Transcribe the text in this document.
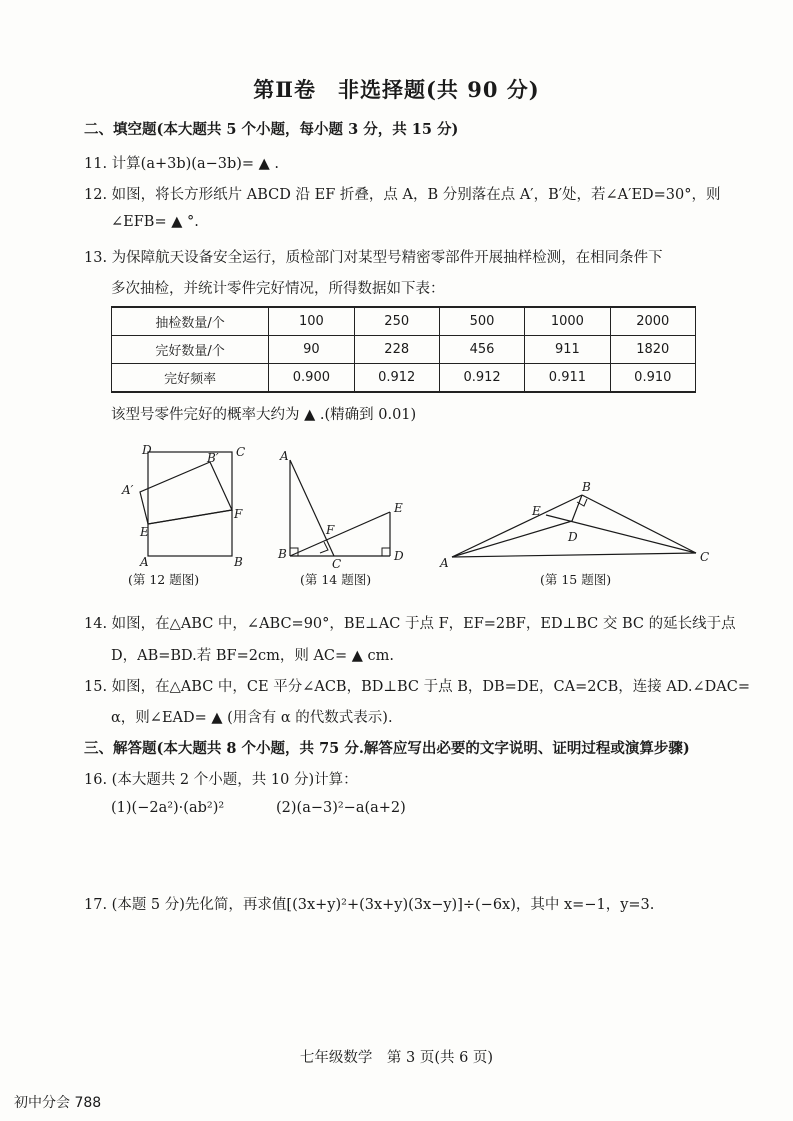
第Ⅱ卷　非选择题(共 90 分)
二、填空题(本大题共 5 个小题，每小题 3 分，共 15 分)
11. 计算(a+3b)(a−3b)= ▲ .
12. 如图，将长方形纸片 ABCD 沿 EF 折叠，点 A，B 分别落在点 A′，B′处，若∠A′ED=30°，则
∠EFB= ▲ °.
13. 为保障航天设备安全运行，质检部门对某型号精密零部件开展抽样检测，在相同条件下
多次抽检，并统计零件完好情况，所得数据如下表：
抽检数量/个	100	250	500	1000	2000
完好数量/个	90	228	456	911	1820
完好频率	0.900	0.912	0.912	0.911	0.910
该型号零件完好的概率大约为 ▲ .(精确到 0.01)
D	C
B′
A′
E
F
A	B
(第 12 题图)
A
E
F
B
C
D
(第 14 题图)
B
E
D
A	C
(第 15 题图)
14. 如图，在△ABC 中，∠ABC=90°，BE⊥AC 于点 F，EF=2BF，ED⊥BC 交 BC 的延长线于点
D，AB=BD.若 BF=2cm，则 AC= ▲ cm.
15. 如图，在△ABC 中，CE 平分∠ACB，BD⊥BC 于点 B，DB=DE，CA=2CB，连接 AD.∠DAC=
α，则∠EAD= ▲ (用含有 α 的代数式表示).
三、解答题(本大题共 8 个小题，共 75 分.解答应写出必要的文字说明、证明过程或演算步骤)
16. (本大题共 2 个小题，共 10 分)计算：
(1)(−2a²)·(ab²)²	(2)(a−3)²−a(a+2)
17. (本题 5 分)先化简，再求值[(3x+y)²+(3x+y)(3x−y)]÷(−6x)，其中 x=−1，y=3.
七年级数学　第 3 页(共 6 页)
初中分会 788
